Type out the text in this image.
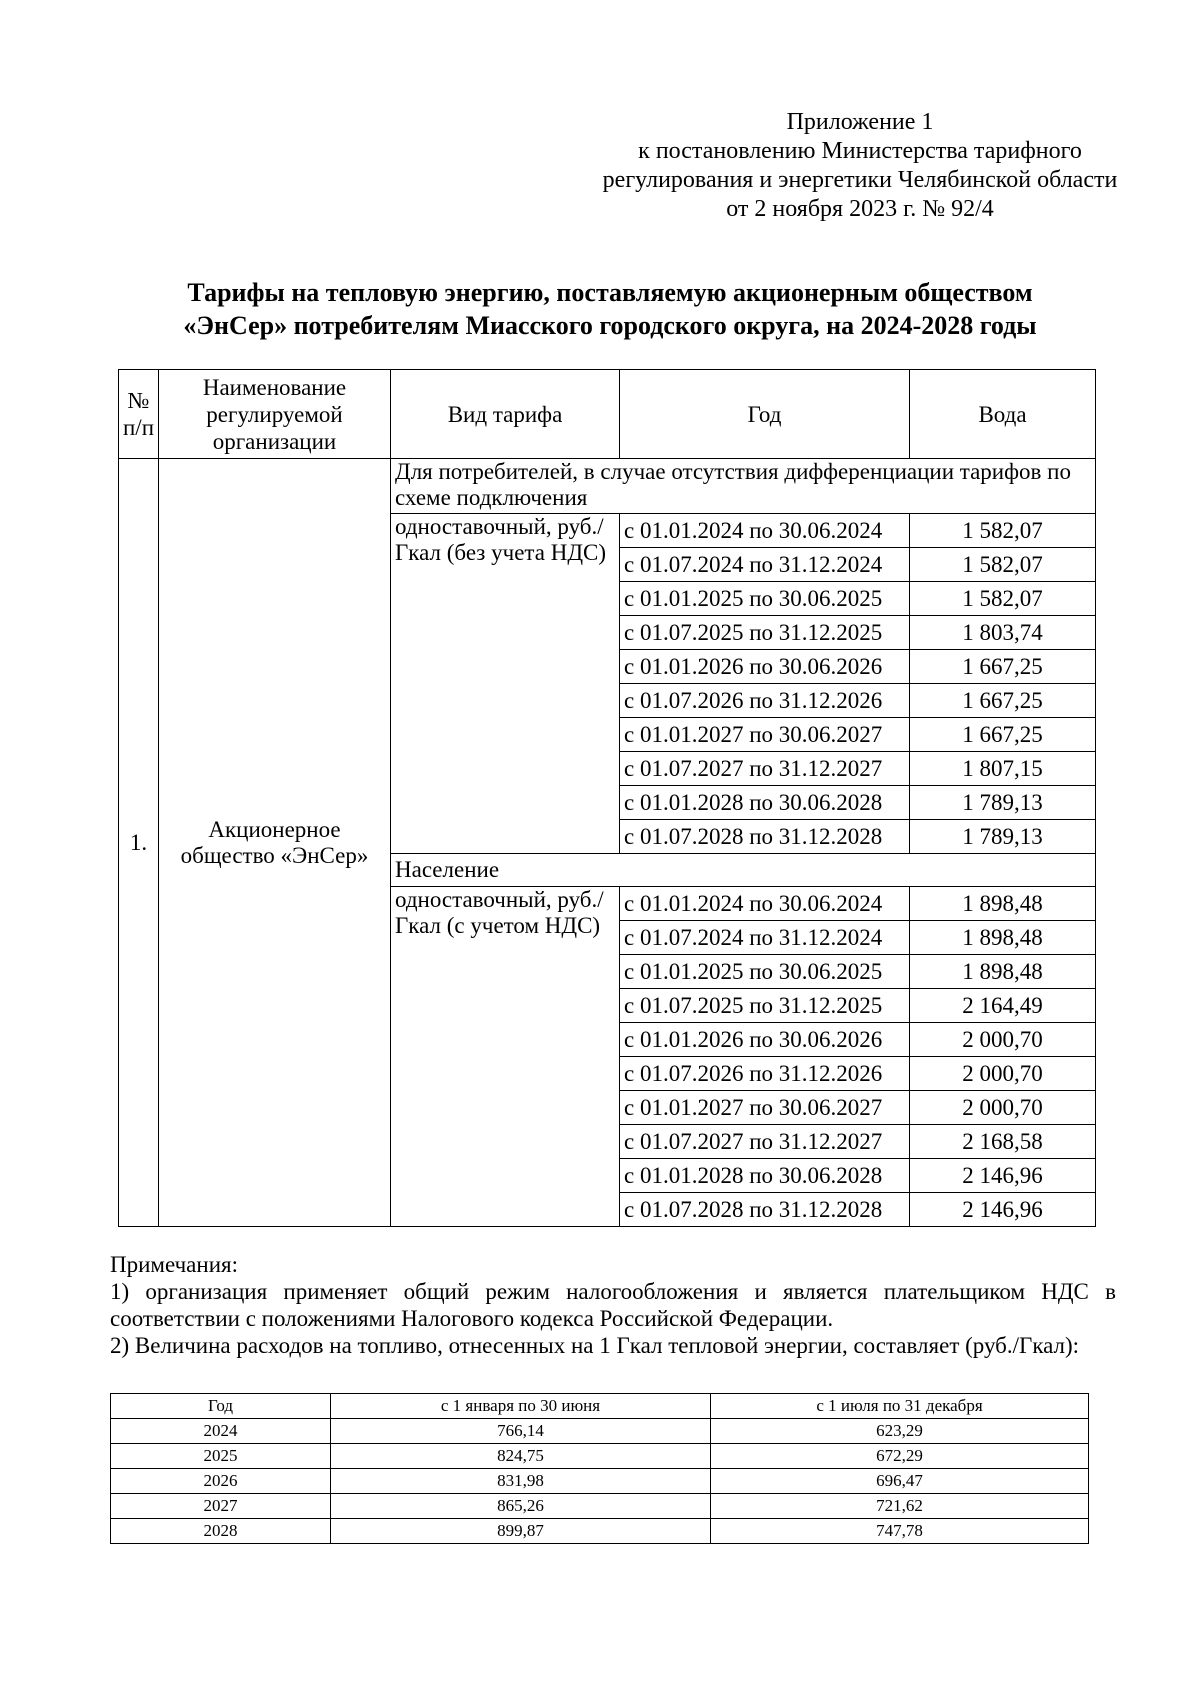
Приложение 1
к постановлению Министерства тарифного
регулирования и энергетики Челябинской области
от 2 ноября 2023 г. № 92/4
Тарифы на тепловую энергию, поставляемую акционерным обществом
«ЭнСер» потребителям Миасского городского округа, на 2024-2028 годы
№ п/п	Наименование регулируемой организации	Вид тарифа	Год	Вода
1.	Акционерное общество «ЭнСер»	Для потребителей, в случае отсутствия дифференциации тарифов по схеме подключения		
		одноставочный, руб./Гкал (без учета НДС)	с 01.01.2024 по 30.06.2024	1 582,07
			с 01.07.2024 по 31.12.2024	1 582,07
			с 01.01.2025 по 30.06.2025	1 582,07
			с 01.07.2025 по 31.12.2025	1 803,74
			с 01.01.2026 по 30.06.2026	1 667,25
			с 01.07.2026 по 31.12.2026	1 667,25
			с 01.01.2027 по 30.06.2027	1 667,25
			с 01.07.2027 по 31.12.2027	1 807,15
			с 01.01.2028 по 30.06.2028	1 789,13
			с 01.07.2028 по 31.12.2028	1 789,13
		Население		
		одноставочный, руб./Гкал (с учетом НДС)	с 01.01.2024 по 30.06.2024	1 898,48
			с 01.07.2024 по 31.12.2024	1 898,48
			с 01.01.2025 по 30.06.2025	1 898,48
			с 01.07.2025 по 31.12.2025	2 164,49
			с 01.01.2026 по 30.06.2026	2 000,70
			с 01.07.2026 по 31.12.2026	2 000,70
			с 01.01.2027 по 30.06.2027	2 000,70
			с 01.07.2027 по 31.12.2027	2 168,58
			с 01.01.2028 по 30.06.2028	2 146,96
			с 01.07.2028 по 31.12.2028	2 146,96

Примечания:

1) организация применяет общий режим налогообложения и является плательщиком НДС в соответствии с положениями Налогового кодекса Российской Федерации.

2) Величина расходов на топливо, отнесенных на 1 Гкал тепловой энергии, составляет (руб./Гкал):

Год	с 1 января по 30 июня	с 1 июля по 31 декабря
2024	766,14	623,29
2025	824,75	672,29
2026	831,98	696,47
2027	865,26	721,62
2028	899,87	747,78
